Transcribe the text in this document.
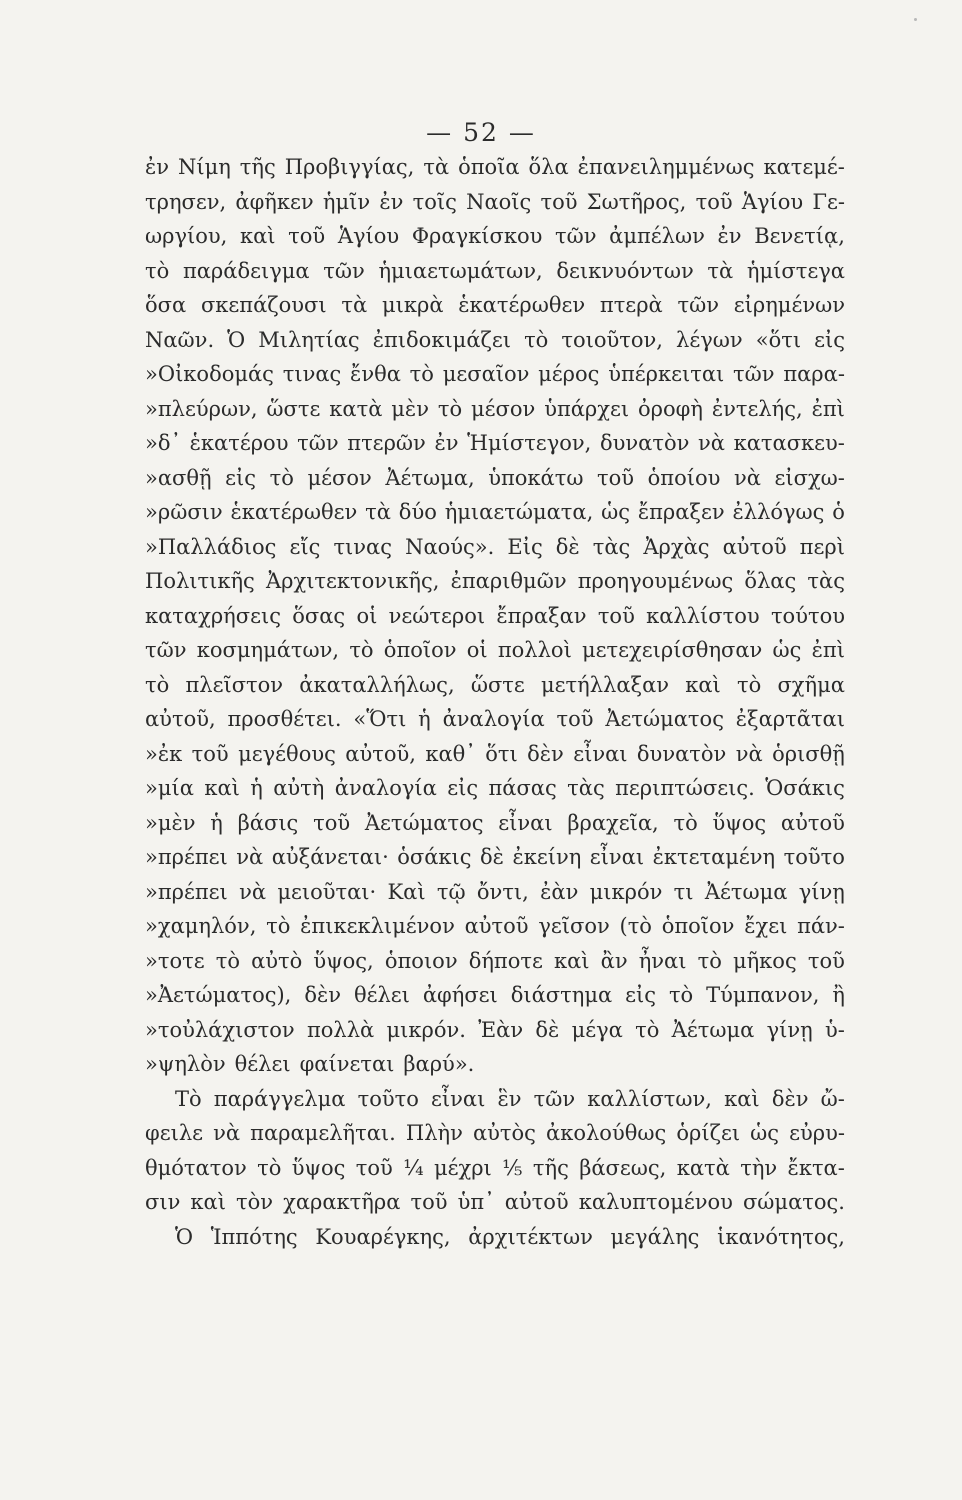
— 52 —
ἐν Νίμη τῆς Προβιγγίας, τὰ ὁποῖα ὅλα ἐπανειλημμένως κατεμέ-
τρησεν, ἀφῆκεν ἡμῖν ἐν τοῖς Ναοῖς τοῦ Σωτῆρος, τοῦ Ἁγίου Γε-
ωργίου, καὶ τοῦ Ἁγίου Φραγκίσκου τῶν ἀμπέλων ἐν Βενετίᾳ,
τὸ παράδειγμα τῶν ἡμιαετωμάτων, δεικνυόντων τὰ ἡμίστεγα
ὅσα σκεπάζουσι τὰ μικρὰ ἑκατέρωθεν πτερὰ τῶν εἰρημένων
Ναῶν. Ὁ Μιλητίας ἐπιδοκιμάζει τὸ τοιοῦτον, λέγων «ὅτι εἰς
»Οἰκοδομάς τινας ἔνθα τὸ μεσαῖον μέρος ὑπέρκειται τῶν παρα-
»πλεύρων, ὥστε κατὰ μὲν τὸ μέσον ὑπάρχει ὀροφὴ ἐντελής, ἐπὶ
»δ᾽ ἑκατέρου τῶν πτερῶν ἐν Ἡμίστεγον, δυνατὸν νὰ κατασκευ-
»ασθῇ εἰς τὸ μέσον Ἀέτωμα, ὑποκάτω τοῦ ὁποίου νὰ εἰσχω-
»ρῶσιν ἑκατέρωθεν τὰ δύο ἡμιαετώματα, ὡς ἔπραξεν ἐλλόγως ὁ
»Παλλάδιος εἴς τινας Ναούς». Εἰς δὲ τὰς Ἀρχὰς αὐτοῦ περὶ
Πολιτικῆς Ἀρχιτεκτονικῆς, ἐπαριθμῶν προηγουμένως ὅλας τὰς
καταχρήσεις ὅσας οἱ νεώτεροι ἔπραξαν τοῦ καλλίστου τούτου
τῶν κοσμημάτων, τὸ ὁποῖον οἱ πολλοὶ μετεχειρίσθησαν ὡς ἐπὶ
τὸ πλεῖστον ἀκαταλλήλως, ὥστε μετήλλαξαν καὶ τὸ σχῆμα
αὐτοῦ, προσθέτει. «Ὅτι ἡ ἀναλογία τοῦ Ἀετώματος ἐξαρτᾶται
»ἐκ τοῦ μεγέθους αὐτοῦ, καθ᾽ ὅτι δὲν εἶναι δυνατὸν νὰ ὁρισθῇ
»μία καὶ ἡ αὐτὴ ἀναλογία εἰς πάσας τὰς περιπτώσεις. Ὁσάκις
»μὲν ἡ βάσις τοῦ Ἀετώματος εἶναι βραχεῖα, τὸ ὕψος αὐτοῦ
»πρέπει νὰ αὐξάνεται· ὁσάκις δὲ ἐκείνη εἶναι ἐκτεταμένη τοῦτο
»πρέπει νὰ μειοῦται· Καὶ τῷ ὄντι, ἐὰν μικρόν τι Ἀέτωμα γίνῃ
»χαμηλόν, τὸ ἐπικεκλιμένον αὐτοῦ γεῖσον (τὸ ὁποῖον ἔχει πάν-
»τοτε τὸ αὐτὸ ὕψος, ὁποιον δήποτε καὶ ἂν ἦναι τὸ μῆκος τοῦ
»Ἀετώματος), δὲν θέλει ἀφήσει διάστημα εἰς τὸ Τύμπανον, ἢ
»τοὐλάχιστον πολλὰ μικρόν. Ἐὰν δὲ μέγα τὸ Ἀέτωμα γίνῃ ὑ-
»ψηλὸν θέλει φαίνεται βαρύ».
Τὸ παράγγελμα τοῦτο εἶναι ἓν τῶν καλλίστων, καὶ δὲν ὤ-
φειλε νὰ παραμελῆται. Πλὴν αὐτὸς ἀκολούθως ὁρίζει ὡς εὐρυ-
θμότατον τὸ ὕψος τοῦ ¼ μέχρι ⅕ τῆς βάσεως, κατὰ τὴν ἔκτα-
σιν καὶ τὸν χαρακτῆρα τοῦ ὑπ᾽ αὐτοῦ καλυπτομένου σώματος.
Ὁ Ἱππότης Κουαρέγκης, ἀρχιτέκτων μεγάλης ἱκανότητος,
